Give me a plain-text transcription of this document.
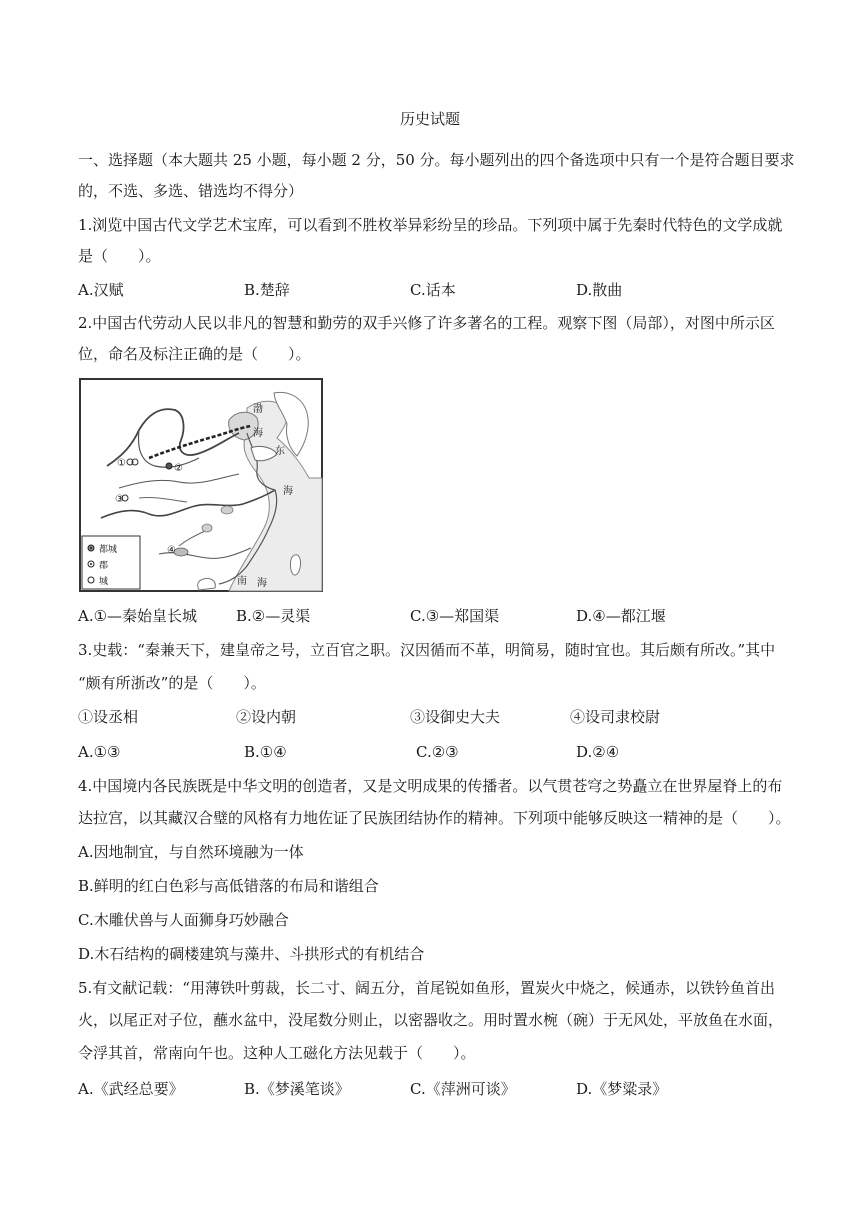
历史试题
一、选择题（本大题共 25 小题，每小题 2 分，50 分。每小题列出的四个备选项中只有一个是符合题目要求
的，不选、多选、错选均不得分）
1.浏览中国古代文学艺术宝库，可以看到不胜枚举异彩纷呈的珍品。下列项中属于先秦时代特色的文学成就
是（　　）。
A.汉赋	B.楚辞	C.话本	D.散曲
2.中国古代劳动人民以非凡的智慧和勤劳的双手兴修了许多著名的工程。观察下图（局部），对图中所示区
位，命名及标注正确的是（　　）。
渤
海
东
海
南 海
①	②
③
④
都城
郡
城
A.①—秦始皇长城	B.②—灵渠	C.③—郑国渠	D.④—都江堰
3.史载：“秦兼天下，建皇帝之号，立百官之职。汉因循而不革，明简易，随时宜也。其后颇有所改。”其中
“颇有所浙改”的是（　　）。
①设丞相	②设内朝	③设御史大夫	④设司隶校尉
A.①③	B.①④	C.②③	D.②④
4.中国境内各民族既是中华文明的创造者，又是文明成果的传播者。以气贯苍穹之势矗立在世界屋脊上的布
达拉宫，以其藏汉合璧的风格有力地佐证了民族团结协作的精神。下列项中能够反映这一精神的是（　　）。
A.因地制宜，与自然环境融为一体
B.鲜明的红白色彩与高低错落的布局和谐组合
C.木雕伏兽与人面狮身巧妙融合
D.木石结构的碉楼建筑与藻井、斗拱形式的有机结合
5.有文献记载：“用薄铁叶剪裁，长二寸、阔五分，首尾锐如鱼形，置炭火中烧之，候通赤，以铁钤鱼首出
火，以尾正对子位，蘸水盆中，没尾数分则止，以密器收之。用时置水椀（碗）于无风处，平放鱼在水面，
令浮其首，常南向午也。这种人工磁化方法见载于（　　）。
A.《武经总要》	B.《梦溪笔谈》	C.《萍洲可谈》	D.《梦粱录》
